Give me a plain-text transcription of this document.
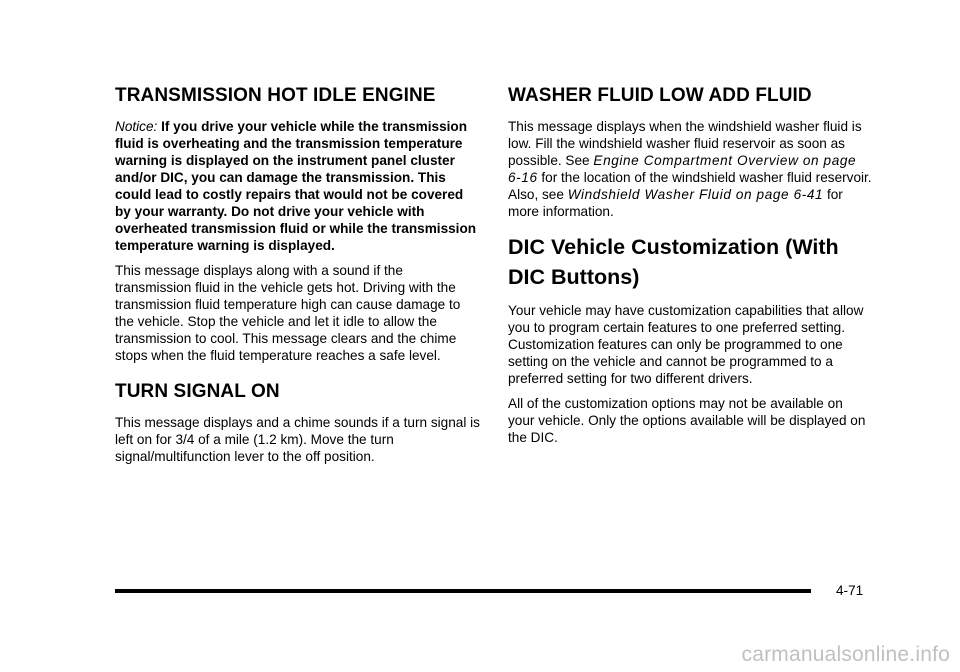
TRANSMISSION HOT IDLE ENGINE

Notice: If you drive your vehicle while the transmission fluid is overheating and the transmission temperature warning is displayed on the instrument panel cluster and/or DIC, you can damage the transmission. This could lead to costly repairs that would not be covered by your warranty. Do not drive your vehicle with overheated transmission fluid or while the transmission temperature warning is displayed.

This message displays along with a sound if the transmission fluid in the vehicle gets hot. Driving with the transmission fluid temperature high can cause damage to the vehicle. Stop the vehicle and let it idle to allow the transmission to cool. This message clears and the chime stops when the fluid temperature reaches a safe level.

TURN SIGNAL ON

This message displays and a chime sounds if a turn signal is left on for 3/4 of a mile (1.2 km). Move the turn signal/multifunction lever to the off position.

WASHER FLUID LOW ADD FLUID

This message displays when the windshield washer fluid is low. Fill the windshield washer fluid reservoir as soon as possible. See Engine Compartment Overview on page 6-16 for the location of the windshield washer fluid reservoir. Also, see Windshield Washer Fluid on page 6-41 for more information.

DIC Vehicle Customization (With DIC Buttons)

Your vehicle may have customization capabilities that allow you to program certain features to one preferred setting. Customization features can only be programmed to one setting on the vehicle and cannot be programmed to a preferred setting for two different drivers.

All of the customization options may not be available on your vehicle. Only the options available will be displayed on the DIC.

4-71
carmanualsonline.info
